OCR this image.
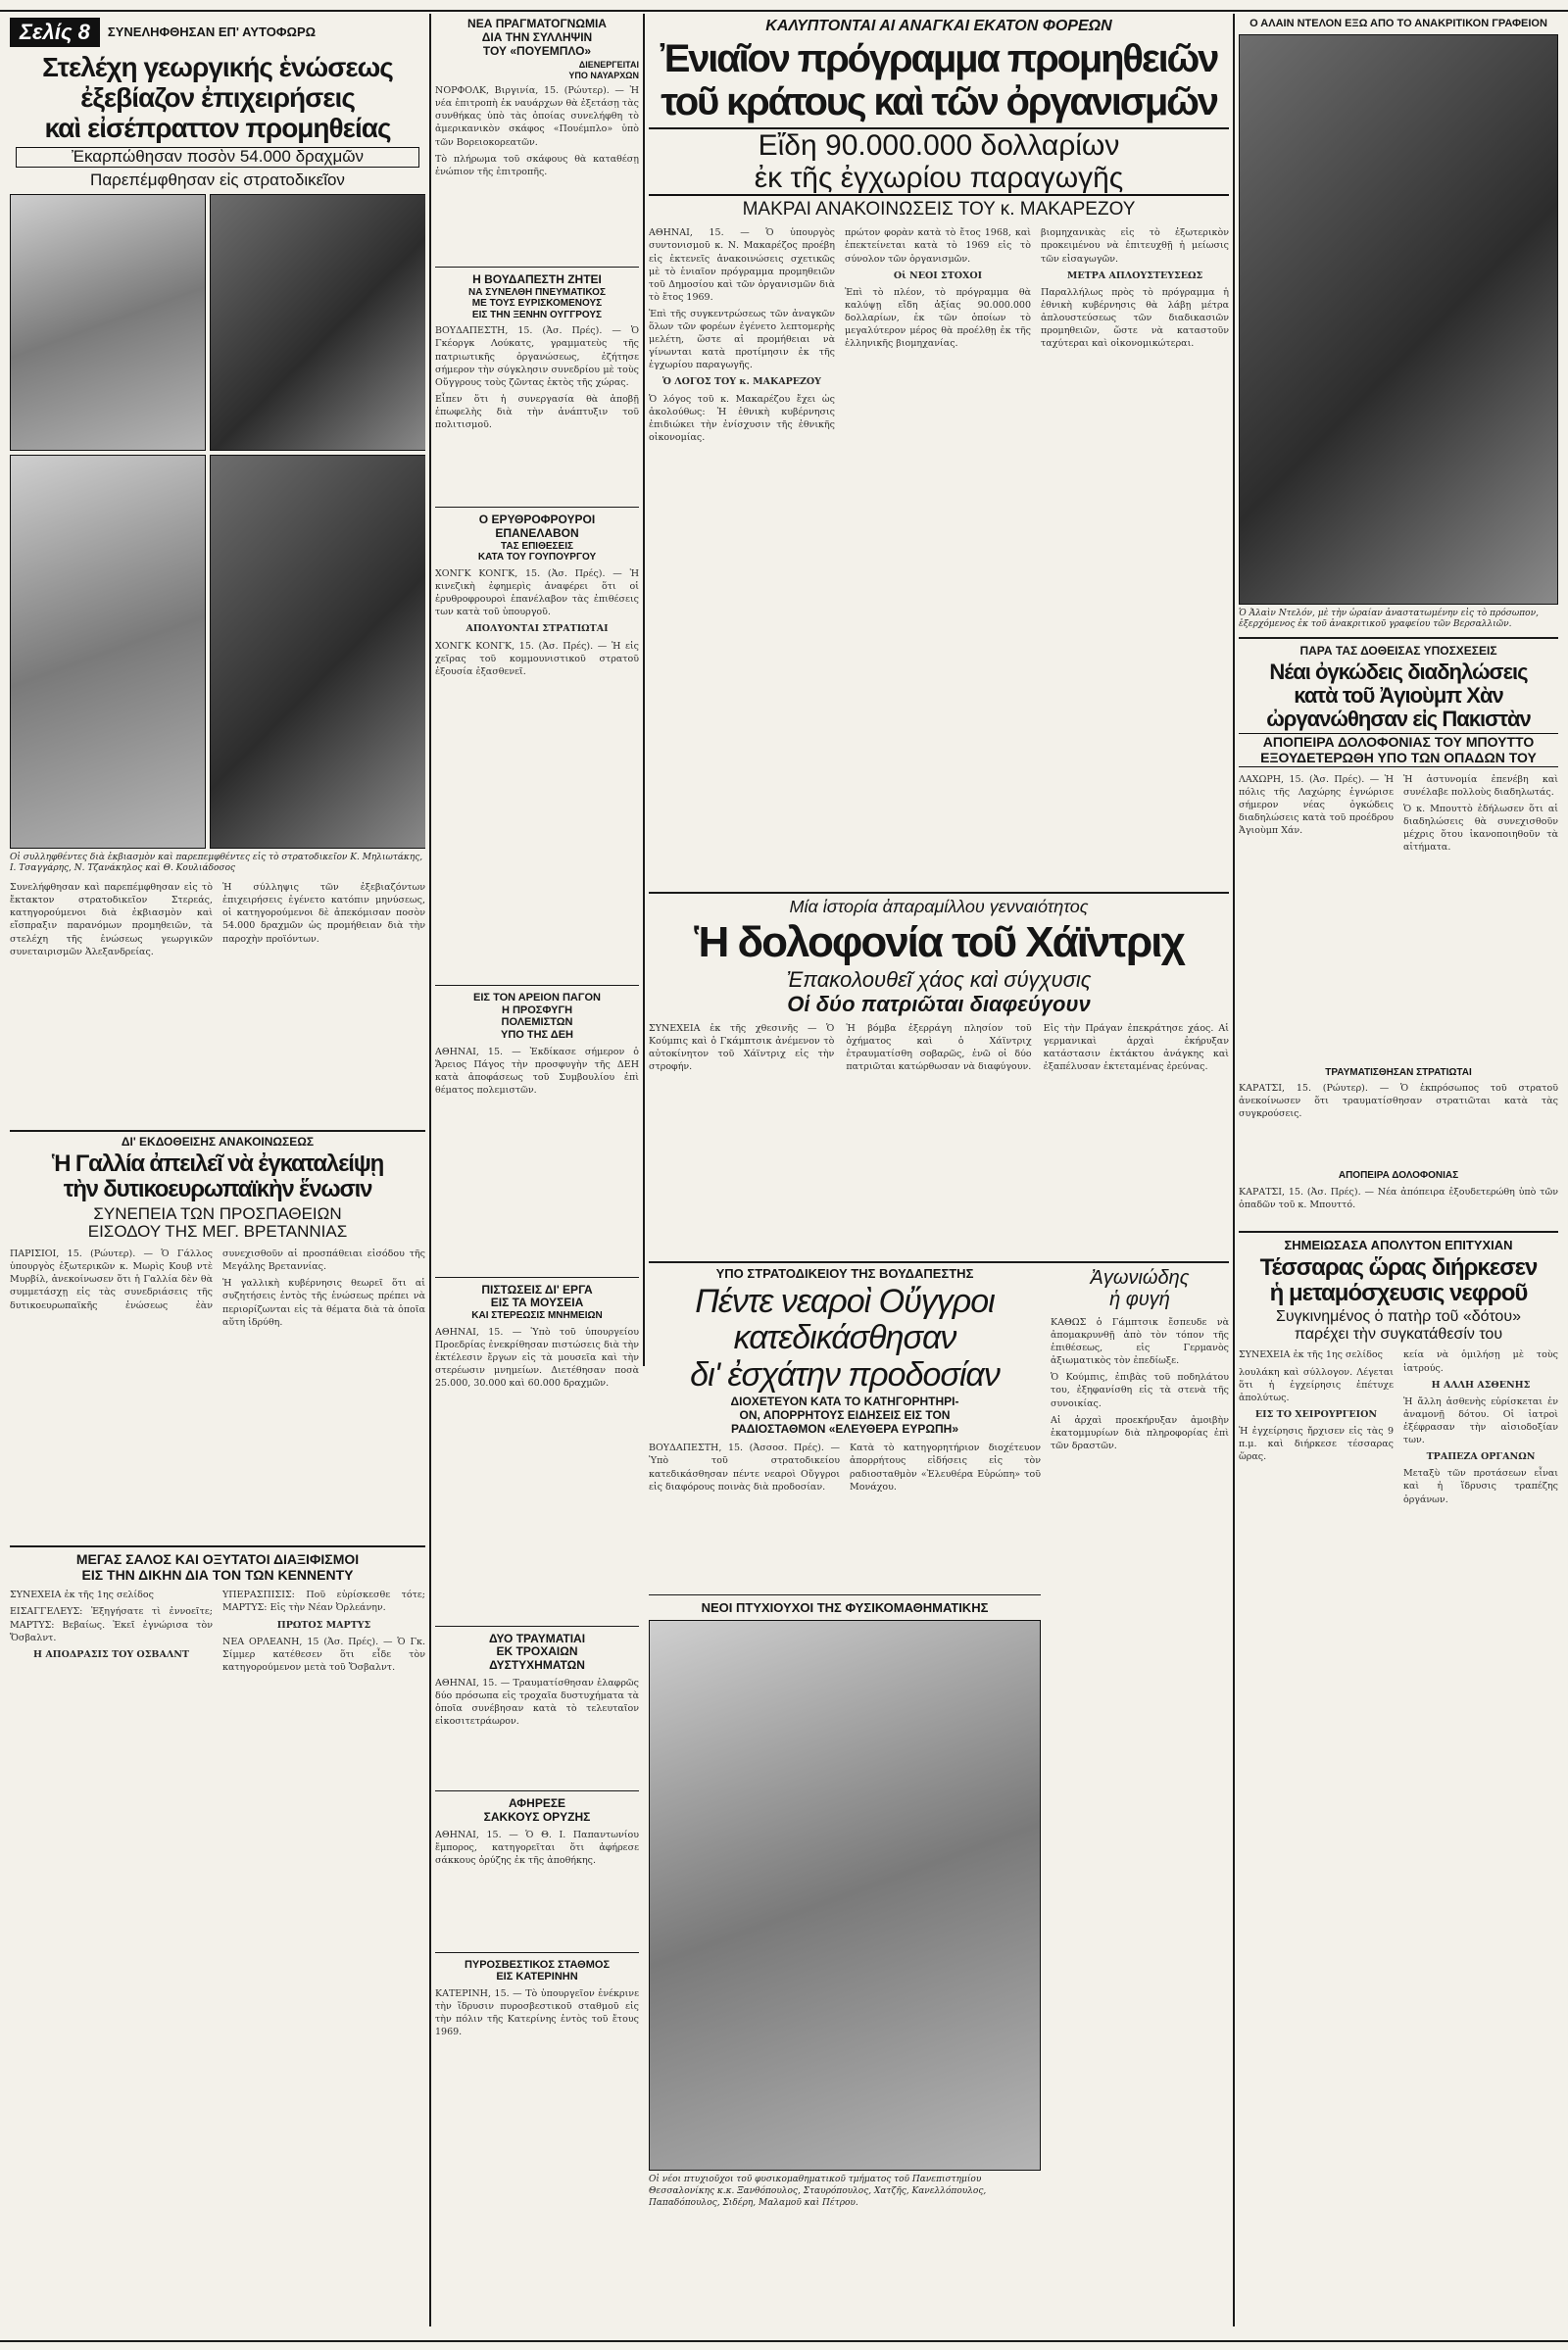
Σελίς 8	ΣΥΝΕΛΗΦΘΗΣΑΝ ΕΠ' ΑΥΤΟΦΩΡΩ
Στελέχη γεωργικής ἑνώσεως
ἐξεβίαζον ἐπιχειρήσεις
καὶ εἰσέπραττον προμηθείας
Ἐκαρπώθησαν ποσὸν 54.000 δραχμῶν
Παρεπέμφθησαν εἰς στρατοδικεῖον
Οἱ συλληφθέντες διὰ ἐκβιασμὸν καὶ παρεπεμφθέντες εἰς τὸ στρατοδικεῖον Κ. Μηλιωτάκης, Ι. Τσαγγάρης, Ν. Τζανάκηλος καὶ Θ. Κουλιάδοσος

Συνελήφθησαν καὶ παρεπέμφθησαν εἰς τὸ ἔκτακτον στρατοδικεῖον Στερεάς, κατηγορούμενοι διὰ ἐκβιασμὸν καὶ εἴσπραξιν παρανόμων προμηθειῶν, τὰ στελέχη τῆς ἑνώσεως γεωργικῶν συνεταιρισμῶν Ἀλεξανδρείας.

Ἡ σύλληψις τῶν ἐξεβιαζόντων ἐπιχειρήσεις ἐγένετο κατόπιν μηνύσεως, οἱ κατηγορούμενοι δὲ ἀπεκόμισαν ποσὸν 54.000 δραχμῶν ὡς προμήθειαν διὰ τὴν παροχὴν προϊόντων.

ΔΙ' ΕΚΔΟΘΕΙΣΗΣ ΑΝΑΚΟΙΝΩΣΕΩΣ
Ἡ Γαλλία ἀπειλεῖ νὰ ἐγκαταλείψῃ
τὴν δυτικοευρωπαϊκὴν ἕνωσιν
ΣΥΝΕΠΕΙΑ ΤΩΝ ΠΡΟΣΠΑΘΕΙΩΝ
ΕΙΣΟΔΟΥ ΤΗΣ ΜΕΓ. ΒΡΕΤΑΝΝΙΑΣ

ΠΑΡΙΣΙΟΙ, 15. (Ρώυτερ). — Ὁ Γάλλος ὑπουργὸς ἐξωτερικῶν κ. Μωρὶς Κουβ ντὲ Μυρβίλ, ἀνεκοίνωσεν ὅτι ἡ Γαλλία δὲν θὰ συμμετάσχῃ εἰς τὰς συνεδριάσεις τῆς δυτικοευρωπαϊκῆς ἑνώσεως ἐὰν συνεχισθοῦν αἱ προσπάθειαι εἰσόδου τῆς Μεγάλης Βρεταννίας.

Ἡ γαλλικὴ κυβέρνησις θεωρεῖ ὅτι αἱ συζητήσεις ἐντὸς τῆς ἑνώσεως πρέπει νὰ περιορίζωνται εἰς τὰ θέματα διὰ τὰ ὁποῖα αὕτη ἱδρύθη.

ΜΕΓΑΣ ΣΑΛΟΣ ΚΑΙ ΟΞΥΤΑΤΟΙ ΔΙΑΞΙΦΙΣΜΟΙ
ΕΙΣ ΤΗΝ ΔΙΚΗΝ ΔΙΑ ΤΟΝ ΤΩΝ ΚΕΝΝΕΝΤΥ

ΣΥΝΕΧΕΙΑ ἐκ τῆς 1ης σελίδος

ΕΙΣΑΓΓΕΛΕΥΣ: Ἐξηγήσατε τὶ ἐννοεῖτε; ΜΑΡΤΥΣ: Βεβαίως. Ἐκεῖ ἐγνώρισα τὸν Ὄσβαλντ.

Η ΑΠΟΔΡΑΣΙΣ ΤΟΥ ΟΣΒΑΛΝΤ

ΥΠΕΡΑΣΠΙΣΙΣ: Ποῦ εὑρίσκεσθε τότε; ΜΑΡΤΥΣ: Εἰς τὴν Νέαν Ὀρλεάνην.

ΠΡΩΤΟΣ ΜΑΡΤΥΣ

ΝΕΑ ΟΡΛΕΑΝΗ, 15 (Ἀσ. Πρές). — Ὁ Γκ. Σίμμερ κατέθεσεν ὅτι εἶδε τὸν κατηγορούμενον μετὰ τοῦ Ὄσβαλντ.

ΝΕΑ ΠΡΑΓΜΑΤΟΓΝΩΜΙΑ
ΔΙΑ ΤΗΝ ΣΥΛΛΗΨΙΝ
ΤΟΥ «ΠΟΥΕΜΠΛΟ»
ΔΙΕΝΕΡΓΕΙΤΑΙ
ΥΠΟ ΝΑΥΑΡΧΩΝ

ΝΟΡΦΟΛΚ, Βιργινία, 15. (Ρώυτερ). — Ἡ νέα ἐπιτροπὴ ἐκ ναυάρχων θὰ ἐξετάσῃ τὰς συνθήκας ὑπὸ τὰς ὁποίας συνελήφθη τὸ ἀμερικανικὸν σκάφος «Πουέμπλο» ὑπὸ τῶν Βορειοκορεατῶν.

Τὸ πλήρωμα τοῦ σκάφους θὰ καταθέσῃ ἐνώπιον τῆς ἐπιτροπῆς.

Η ΒΟΥΔΑΠΕΣΤΗ ΖΗΤΕΙ
ΝΑ ΣΥΝΕΛΘΗ ΠΝΕΥΜΑΤΙΚΟΣ
ΜΕ ΤΟΥΣ ΕΥΡΙΣΚΟΜΕΝΟΥΣ
ΕΙΣ ΤΗΝ ΞΕΝΗΝ ΟΥΓΓΡΟΥΣ

ΒΟΥΔΑΠΕΣΤΗ, 15. (Ἀσ. Πρές). — Ὁ Γκέοργκ Λούκατς, γραμματεὺς τῆς πατριωτικῆς ὀργανώσεως, ἐζήτησε σήμερον τὴν σύγκλησιν συνεδρίου μὲ τοὺς Οὔγγρους τοὺς ζῶντας ἐκτὸς τῆς χώρας.

Εἶπεν ὅτι ἡ συνεργασία θὰ ἀποβῇ ἐπωφελὴς διὰ τὴν ἀνάπτυξιν τοῦ πολιτισμοῦ.

Ο ΕΡΥΘΡΟΦΡΟΥΡΟΙ
ΕΠΑΝΕΛΑΒΟΝ
ΤΑΣ ΕΠΙΘΕΣΕΙΣ
ΚΑΤΑ ΤΟΥ ΓΟΥΠΟΥΡΓΟΥ

ΧΟΝΓΚ ΚΟΝΓΚ, 15. (Ἀσ. Πρές). — Ἡ κινεζικὴ ἐφημερὶς ἀναφέρει ὅτι οἱ ἐρυθροφρουροὶ ἐπανέλαβον τὰς ἐπιθέσεις των κατὰ τοῦ ὑπουργοῦ.

ΑΠΟΛΥΟΝΤΑΙ ΣΤΡΑΤΙΩΤΑΙ

ΧΟΝΓΚ ΚΟΝΓΚ, 15. (Ἀσ. Πρές). — Ἡ εἰς χεῖρας τοῦ κομμουνιστικοῦ στρατοῦ ἐξουσία ἐξασθενεῖ.

ΕΙΣ ΤΟΝ ΑΡΕΙΟΝ ΠΑΓΟΝ
Η ΠΡΟΣΦΥΓΗ
ΠΟΛΕΜΙΣΤΩΝ
ΥΠΟ ΤΗΣ ΔΕΗ

ΑΘΗΝΑΙ, 15. — Ἐκδίκασε σήμερον ὁ Ἄρειος Πάγος τὴν προσφυγὴν τῆς ΔΕΗ κατὰ ἀποφάσεως τοῦ Συμβουλίου ἐπὶ θέματος πολεμιστῶν.

ΠΙΣΤΩΣΕΙΣ ΔΙ' ΕΡΓΑ
ΕΙΣ ΤΑ ΜΟΥΣΕΙΑ
ΚΑΙ ΣΤΕΡΕΩΣΙΣ ΜΝΗΜΕΙΩΝ

ΑΘΗΝΑΙ, 15. — Ὑπὸ τοῦ ὑπουργείου Προεδρίας ἐνεκρίθησαν πιστώσεις διὰ τὴν ἐκτέλεσιν ἔργων εἰς τὰ μουσεῖα καὶ τὴν στερέωσιν μνημείων. Διετέθησαν ποσὰ 25.000, 30.000 καὶ 60.000 δραχμῶν.

ΔΥΟ ΤΡΑΥΜΑΤΙΑΙ
ΕΚ ΤΡΟΧΑΙΩΝ
ΔΥΣΤΥΧΗΜΑΤΩΝ

ΑΘΗΝΑΙ, 15. — Τραυματίσθησαν ἐλαφρῶς δύο πρόσωπα εἰς τροχαῖα δυστυχήματα τὰ ὁποῖα συνέβησαν κατὰ τὸ τελευταῖον εἰκοσιτετράωρον.

ΑΦΗΡΕΣΕ
ΣΑΚΚΟΥΣ ΟΡΥΖΗΣ

ΑΘΗΝΑΙ, 15. — Ὁ Θ. Ι. Παπαντωνίου ἔμπορος, κατηγορεῖται ὅτι ἀφήρεσε σάκκους ὀρύζης ἐκ τῆς ἀποθήκης.

ΠΥΡΟΣΒΕΣΤΙΚΟΣ ΣΤΑΘΜΟΣ
ΕΙΣ ΚΑΤΕΡΙΝΗΝ

ΚΑΤΕΡΙΝΗ, 15. — Τὸ ὑπουργεῖον ἐνέκρινε τὴν ἵδρυσιν πυροσβεστικοῦ σταθμοῦ εἰς τὴν πόλιν τῆς Κατερίνης ἐντὸς τοῦ ἔτους 1969.

ΚΑΛΥΠΤΟΝΤΑΙ ΑΙ ΑΝΑΓΚΑΙ ΕΚΑΤΟΝ ΦΟΡΕΩΝ
Ἐνιαῖον πρόγραμμα προμηθειῶν
τοῦ κράτους καὶ τῶν ὀργανισμῶν
Εἴδη 90.000.000 δολλαρίων
ἐκ τῆς ἐγχωρίου παραγωγῆς
ΜΑΚΡΑΙ ΑΝΑΚΟΙΝΩΣΕΙΣ ΤΟΥ κ. ΜΑΚΑΡΕΖΟΥ

ΑΘΗΝΑΙ, 15. — Ὁ ὑπουργὸς συντονισμοῦ κ. Ν. Μακαρέζος προέβη εἰς ἐκτενεῖς ἀνακοινώσεις σχετικῶς μὲ τὸ ἑνιαῖον πρόγραμμα προμηθειῶν τοῦ Δημοσίου καὶ τῶν ὀργανισμῶν διὰ τὸ ἔτος 1969.

Ἐπὶ τῆς συγκεντρώσεως τῶν ἀναγκῶν ὅλων τῶν φορέων ἐγένετο λεπτομερὴς μελέτη, ὥστε αἱ προμήθειαι νὰ γίνωνται κατὰ προτίμησιν ἐκ τῆς ἐγχωρίου παραγωγῆς.

Ὁ ΛΟΓΟΣ ΤΟΥ κ. ΜΑΚΑΡΕΖΟΥ

Ὁ λόγος τοῦ κ. Μακαρέζου ἔχει ὡς ἀκολούθως: Ἡ ἐθνικὴ κυβέρνησις ἐπιδιώκει τὴν ἐνίσχυσιν τῆς ἐθνικῆς οἰκονομίας.

πρώτον φορὰν κατὰ τὸ ἔτος 1968, καὶ ἐπεκτείνεται κατὰ τὸ 1969 εἰς τὸ σύνολον τῶν ὀργανισμῶν.

Οἱ ΝΕΟΙ ΣΤΟΧΟΙ

Ἐπὶ τὸ πλέον, τὸ πρόγραμμα θὰ καλύψῃ εἴδη ἀξίας 90.000.000 δολλαρίων, ἐκ τῶν ὁποίων τὸ μεγαλύτερον μέρος θὰ προέλθῃ ἐκ τῆς ἑλληνικῆς βιομηχανίας.

βιομηχανικὰς εἰς τὸ ἐξωτερικὸν προκειμένου νὰ ἐπιτευχθῇ ἡ μείωσις τῶν εἰσαγωγῶν.

ΜΕΤΡΑ ΑΠΛΟΥΣΤΕΥΣΕΩΣ

Παραλλήλως πρὸς τὸ πρόγραμμα ἡ ἐθνικὴ κυβέρνησις θὰ λάβῃ μέτρα ἀπλουστεύσεως τῶν διαδικασιῶν προμηθειῶν, ὥστε νὰ καταστοῦν ταχύτεραι καὶ οἰκονομικώτεραι.

Μία ἱστορία ἀπαραμίλλου γενναιότητος
Ἡ δολοφονία τοῦ Χάϊντριχ
Ἐπακολουθεῖ χάος καὶ σύγχυσις
Οἱ δύο πατριῶται διαφεύγουν

ΣΥΝΕΧΕΙΑ ἐκ τῆς χθεσινῆς — Ὁ Κούμπις καὶ ὁ Γκάμπτσικ ἀνέμενον τὸ αὐτοκίνητον τοῦ Χάϊντριχ εἰς τὴν στροφήν.

Ἡ βόμβα ἐξερράγη πλησίον τοῦ ὀχήματος καὶ ὁ Χάϊντριχ ἐτραυματίσθη σοβαρῶς, ἐνῶ οἱ δύο πατριῶται κατώρθωσαν νὰ διαφύγουν.

Εἰς τὴν Πράγαν ἐπεκράτησε χάος. Αἱ γερμανικαὶ ἀρχαὶ ἐκήρυξαν κατάστασιν ἐκτάκτου ἀνάγκης καὶ ἐξαπέλυσαν ἐκτεταμένας ἐρεύνας.

ΥΠΟ ΣΤΡΑΤΟΔΙΚΕΙΟΥ ΤΗΣ ΒΟΥΔΑΠΕΣΤΗΣ
Πέντε νεαροὶ Οὔγγροι
κατεδικάσθησαν
δι' ἐσχάτην προδοσίαν
ΔΙΟΧΕΤΕΥΟΝ ΚΑΤΑ ΤΟ ΚΑΤΗΓΟΡΗΤΗΡΙ-
ΟΝ, ΑΠΟΡΡΗΤΟΥΣ ΕΙΔΗΣΕΙΣ ΕΙΣ ΤΟΝ
ΡΑΔΙΟΣΤΑΘΜΟΝ «ΕΛΕΥΘΕΡΑ ΕΥΡΩΠΗ»

ΒΟΥΔΑΠΕΣΤΗ, 15. (Ἀσσοσ. Πρές). — Ὑπὸ τοῦ στρατοδικείου κατεδικάσθησαν πέντε νεαροὶ Οὔγγροι εἰς διαφόρους ποινὰς διὰ προδοσίαν.

Κατὰ τὸ κατηγορητήριον διοχέτευον ἀπορρήτους εἰδήσεις εἰς τὸν ραδιοσταθμὸν «Ἐλευθέρα Εὐρώπη» τοῦ Μονάχου.

ΝΕΟΙ ΠΤΥΧΙΟΥΧΟΙ ΤΗΣ ΦΥΣΙΚΟΜΑΘΗΜΑΤΙΚΗΣ
Οἱ νέοι πτυχιοῦχοι τοῦ φυσικομαθηματικοῦ τμήματος τοῦ Πανεπιστημίου Θεσσαλονίκης κ.κ. Ξανθόπουλος, Σταυρόπουλος, Χατζῆς, Κανελλόπουλος, Παπαδόπουλος, Σιδέρη, Μαλαμοῦ καὶ Πέτρου.
Ἀγωνιώδης
ἡ φυγή

ΚΑΘΩΣ ὁ Γάμπτσικ ἔσπευδε νὰ ἀπομακρυνθῇ ἀπὸ τὸν τόπον τῆς ἐπιθέσεως, εἰς Γερμανὸς ἀξιωματικὸς τὸν ἐπεδίωξε.

Ὁ Κούμπις, ἐπιβὰς τοῦ ποδηλάτου του, ἐξηφανίσθη εἰς τὰ στενὰ τῆς συνοικίας.

Αἱ ἀρχαὶ προεκήρυξαν ἀμοιβὴν ἑκατομμυρίων διὰ πληροφορίας ἐπὶ τῶν δραστῶν.

Ο ΑΛΑΙΝ ΝΤΕΛΟΝ ΕΞΩ ΑΠΟ ΤΟ ΑΝΑΚΡΙΤΙΚΟΝ ΓΡΑΦΕΙΟΝ
Ὁ Ἀλαὶν Ντελόν, μὲ τὴν ὡραίαν ἀναστατωμένην εἰς τὸ πρόσωπον, ἐξερχόμενος ἐκ τοῦ ἀνακριτικοῦ γραφείου τῶν Βερσαλλιῶν.
ΠΑΡΑ ΤΑΣ ΔΟΘΕΙΣΑΣ ΥΠΟΣΧΕΣΕΙΣ
Νέαι ὀγκώδεις διαδηλώσεις
κατὰ τοῦ Ἀγιοὺμπ Χὰν
ὠργανώθησαν εἰς Πακιστὰν
ΑΠΟΠΕΙΡΑ ΔΟΛΟΦΟΝΙΑΣ ΤΟΥ ΜΠΟΥΤΤΟ
ΕΞΟΥΔΕΤΕΡΩΘΗ ΥΠΟ ΤΩΝ ΟΠΑΔΩΝ ΤΟΥ

ΛΑΧΩΡΗ, 15. (Ἀσ. Πρές). — Ἡ πόλις τῆς Λαχώρης ἐγνώρισε σήμερον νέας ὀγκώδεις διαδηλώσεις κατὰ τοῦ προέδρου Ἀγιοὺμπ Χάν.

Ἡ ἀστυνομία ἐπενέβη καὶ συνέλαβε πολλοὺς διαδηλωτάς.

Ὁ κ. Μπουττὸ ἐδήλωσεν ὅτι αἱ διαδηλώσεις θὰ συνεχισθοῦν μέχρις ὅτου ἱκανοποιηθοῦν τὰ αἰτήματα.

ΤΡΑΥΜΑΤΙΣΘΗΣΑΝ ΣΤΡΑΤΙΩΤΑΙ

ΚΑΡΑΤΣΙ, 15. (Ρώυτερ). — Ὁ ἐκπρόσωπος τοῦ στρατοῦ ἀνεκοίνωσεν ὅτι τραυματίσθησαν στρατιῶται κατὰ τὰς συγκρούσεις.

ΑΠΟΠΕΙΡΑ ΔΟΛΟΦΟΝΙΑΣ

ΚΑΡΑΤΣΙ, 15. (Ἀσ. Πρές). — Νέα ἀπόπειρα ἐξουδετερώθη ὑπὸ τῶν ὀπαδῶν τοῦ κ. Μπουττό.

ΣΗΜΕΙΩΣΑΣΑ ΑΠΟΛΥΤΟΝ ΕΠΙΤΥΧΙΑΝ
Τέσσαρας ὥρας διήρκεσεν
ἡ μεταμόσχευσις νεφροῦ
Συγκινημένος ὁ πατὴρ τοῦ «δότου»
παρέχει τὴν συγκατάθεσίν του

ΣΥΝΕΧΕΙΑ ἐκ τῆς 1ης σελίδος

λουλάκη καὶ σύλλογον. Λέγεται ὅτι ἡ ἐγχείρησις ἐπέτυχε ἀπολύτως.

ΕΙΣ ΤΟ ΧΕΙΡΟΥΡΓΕΙΟΝ

Ἡ ἐγχείρησις ἤρχισεν εἰς τὰς 9 π.μ. καὶ διήρκεσε τέσσαρας ὥρας.

κεία νὰ ὁμιλήσῃ μὲ τοὺς ἰατρούς.

Η ΑΛΛΗ ΑΣΘΕΝΗΣ

Ἡ ἄλλη ἀσθενὴς εὑρίσκεται ἐν ἀναμονῇ δότου. Οἱ ἰατροὶ ἐξέφρασαν τὴν αἰσιοδοξίαν των.

ΤΡΑΠΕΖΑ ΟΡΓΑΝΩΝ

Μεταξὺ τῶν προτάσεων εἶναι καὶ ἡ ἵδρυσις τραπέζης ὀργάνων.
